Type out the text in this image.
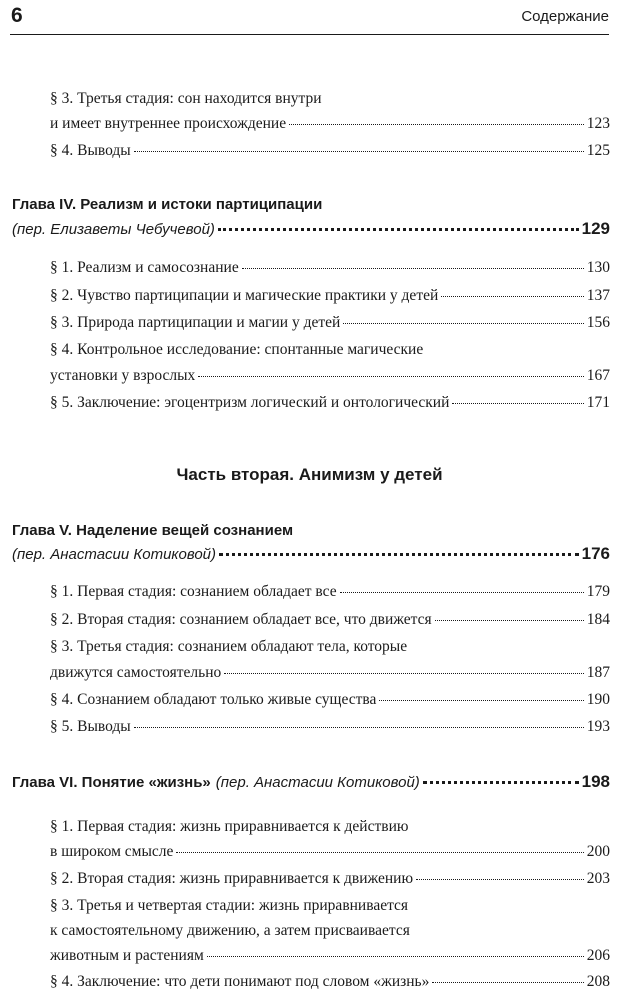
6	Содержание
§ 3. Третья стадия: сон находится внутри
и имеет внутреннее происхождение	123
§ 4. Выводы	125
Глава IV. Реализм и истоки партиципации
(пер. Елизаветы Чебучевой)	129
§ 1. Реализм и самосознание	130
§ 2. Чувство партиципации и магические практики у детей	137
§ 3. Природа партиципации и магии у детей	156
§ 4. Контрольное исследование: спонтанные магические
установки у взрослых	167
§ 5. Заключение: эгоцентризм логический и онтологический	171
Часть вторая. Анимизм у детей
Глава V. Наделение вещей сознанием
(пер. Анастасии Котиковой)	176
§ 1. Первая стадия: сознанием обладает все	179
§ 2. Вторая стадия: сознанием обладает все, что движется	184
§ 3. Третья стадия: сознанием обладают тела, которые
движутся самостоятельно	187
§ 4. Сознанием обладают только живые существа	190
§ 5. Выводы	193
Глава VI. Понятие «жизнь» (пер. Анастасии Котиковой)	198
§ 1. Первая стадия: жизнь приравнивается к действию
в широком смысле	200
§ 2. Вторая стадия: жизнь приравнивается к движению	203
§ 3. Третья и четвертая стадии: жизнь приравнивается
к самостоятельному движению, а затем присваивается
животным и растениям	206
§ 4. Заключение: что дети понимают под словом «жизнь»	208
